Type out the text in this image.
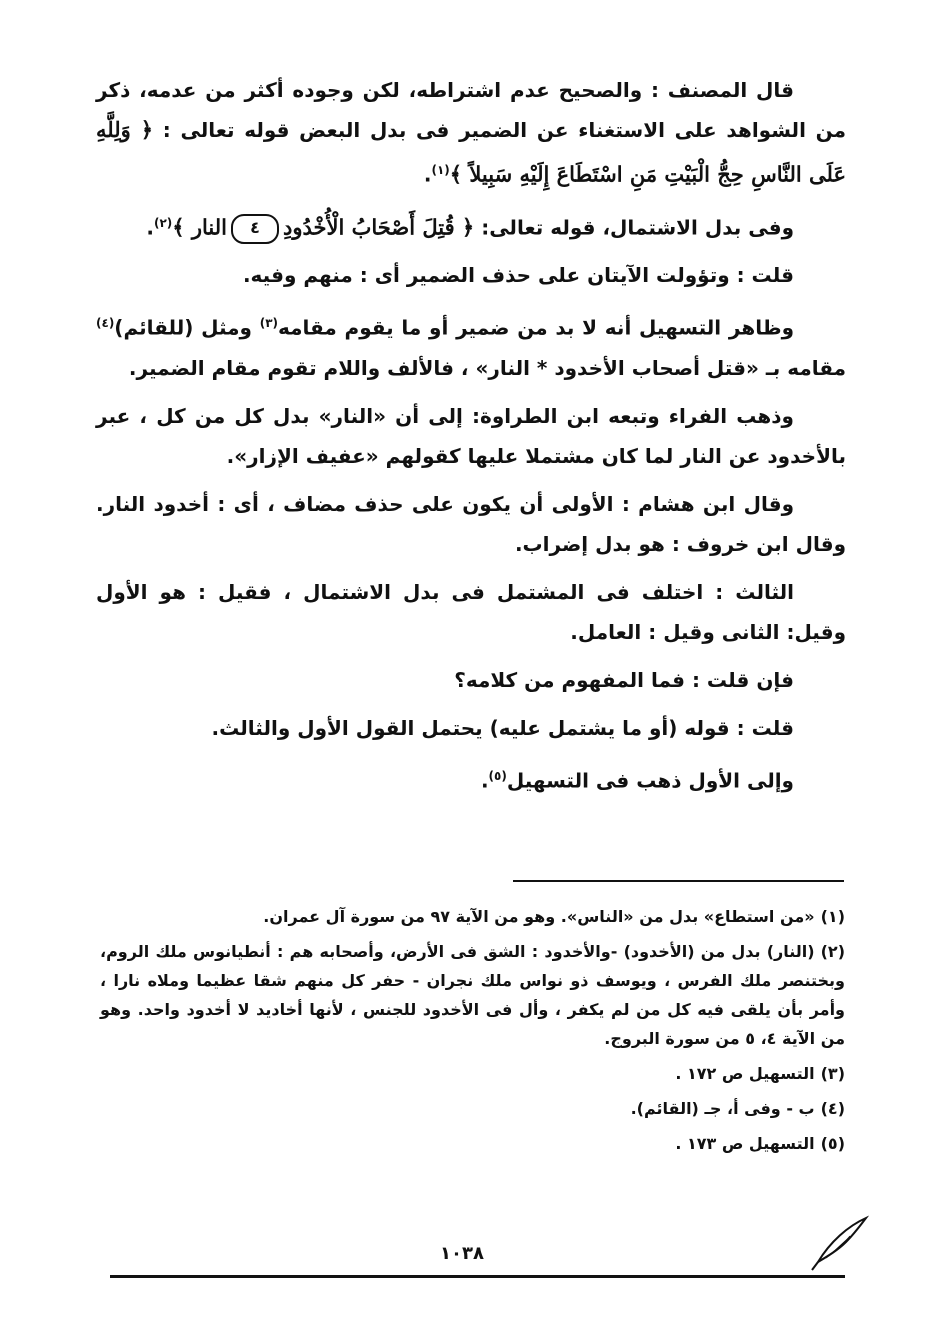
قال المصنف : والصحيح عدم اشتراطه، لكن وجوده أكثر من عدمه، ذكر من الشواهد على الاستغناء عن الضمير فى بدل البعض قوله تعالى : ﴿ وَلِلَّهِ عَلَى النَّاسِ حِجُّ الْبَيْتِ مَنِ اسْتَطَاعَ إِلَيْهِ سَبِيلاً ﴾$^{(١)}$.

وفى بدل الاشتمال، قوله تعالى: ﴿ قُتِلَ أَصْحَابُ الْأُخْدُودِ٤النار ﴾$^{(٢)}$.

قلت : وتؤولت الآيتان على حذف الضمير أى : منهم وفيه.

وظاهر التسهيل أنه لا بد من ضمير أو ما يقوم مقامه$^{(٣)}$ ومثل (للقائم)$^{(٤)}$ مقامه بـ «قتل أصحاب الأخدود * النار» ، فالألف واللام تقوم مقام الضمير.

وذهب الفراء وتبعه ابن الطراوة: إلى أن «النار» بدل كل من كل ، عبر بالأخدود عن النار لما كان مشتملا عليها كقولهم «عفيف الإزار».

وقال ابن هشام : الأولى أن يكون على حذف مضاف ، أى : أخدود النار. وقال ابن خروف : هو بدل إضراب.

الثالث : اختلف فى المشتمل فى بدل الاشتمال ، فقيل : هو الأول وقيل: الثانى وقيل : العامل.

فإن قلت : فما المفهوم من كلامه؟

قلت : قوله (أو ما يشتمل عليه) يحتمل القول الأول والثالث.

وإلى الأول ذهب فى التسهيل$^{(٥)}$.

(١)«من استطاع» بدل من «الناس». وهو من الآية ٩٧ من سورة آل عمران.
(٢)(النار) بدل من (الأخدود) -والأخدود : الشق فى الأرض، وأصحابه هم : أنطيانوس ملك الروم، وبختنصر ملك الفرس ، ويوسف ذو نواس ملك نجران - حفر كل منهم شقا عظيما وملاه نارا ، وأمر بأن يلقى فيه كل من لم يكفر ، وأل فى الأخدود للجنس ، لأنها أخاديد لا أخدود واحد. وهو من الآية ٤، ٥ من سورة البروج.
(٣)التسهيل ص ١٧٢ .
(٤)ب - وفى أ، جـ (القائم).
(٥)التسهيل ص ١٧٣ .
١٠٣٨
